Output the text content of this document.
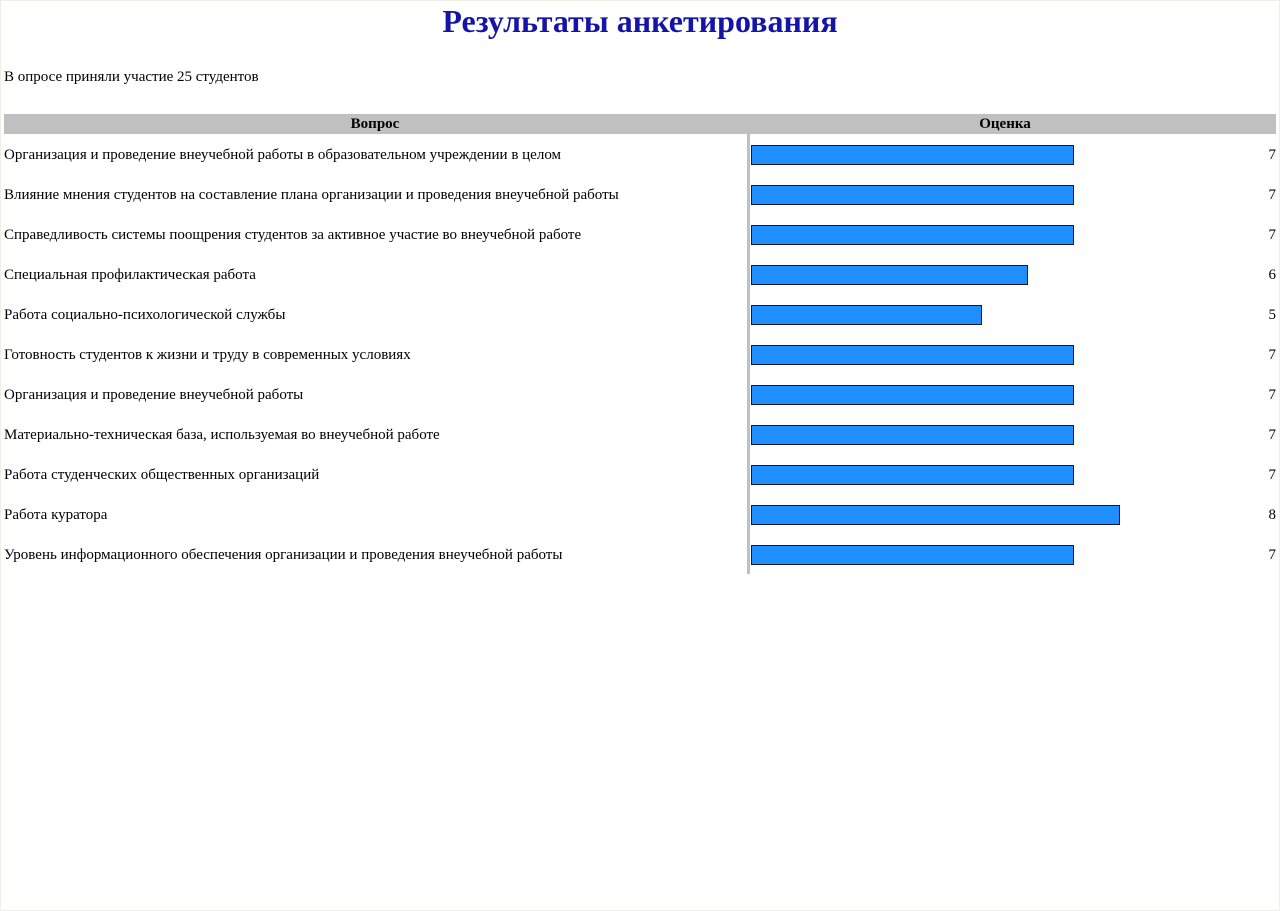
Результаты анкетирования
В опросе приняли участие 25 студентов
Вопрос	Оценка
Организация и проведение внеучебной работы в образовательном учреждении в целом	7
Влияние мнения студентов на составление плана организации и проведения внеучебной работы	7
Справедливость системы поощрения студентов за активное участие во внеучебной работе	7
Специальная профилактическая работа	6
Работа социально-психологической службы	5
Готовность студентов к жизни и труду в современных условиях	7
Организация и проведение внеучебной работы	7
Материально-техническая база, используемая во внеучебной работе	7
Работа студенческих общественных организаций	7
Работа куратора	8
Уровень информационного обеспечения организации и проведения внеучебной работы	7
